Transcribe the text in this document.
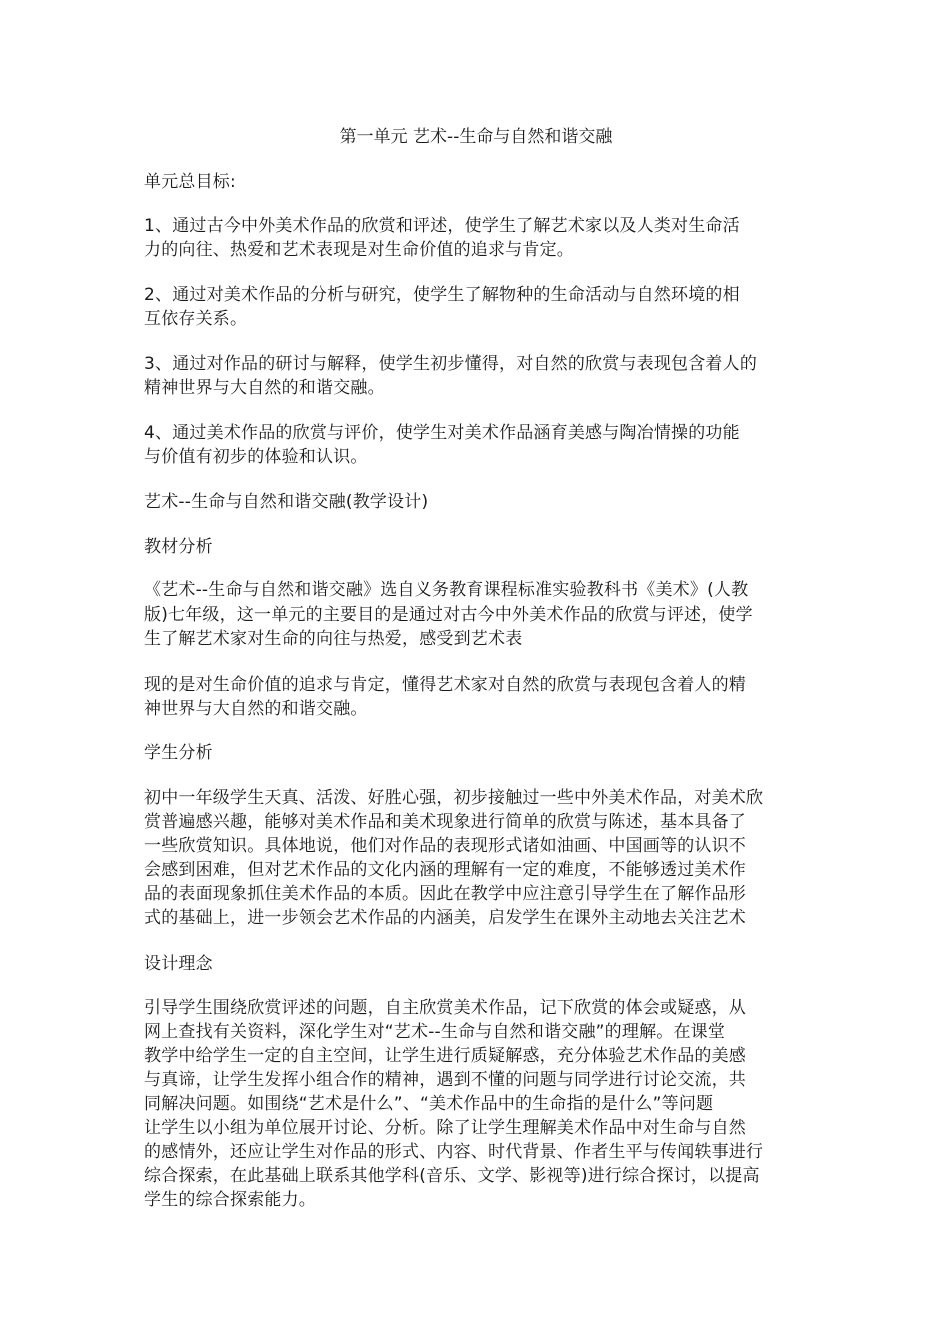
第一单元 艺术--生命与自然和谐交融
单元总目标:
1、通过古今中外美术作品的欣赏和评述，使学生了解艺术家以及人类对生命活
力的向往、热爱和艺术表现是对生命价值的追求与肯定。
2、通过对美术作品的分析与研究，使学生了解物种的生命活动与自然环境的相
互依存关系。
3、通过对作品的研讨与解释，使学生初步懂得，对自然的欣赏与表现包含着人的
精神世界与大自然的和谐交融。
4、通过美术作品的欣赏与评价，使学生对美术作品涵育美感与陶冶情操的功能
与价值有初步的体验和认识。
艺术--生命与自然和谐交融(教学设计)
教材分析
《艺术--生命与自然和谐交融》选自义务教育课程标准实验教科书《美术》(人教
版)七年级，这一单元的主要目的是通过对古今中外美术作品的欣赏与评述，使学
生了解艺术家对生命的向往与热爱，感受到艺术表
现的是对生命价值的追求与肯定，懂得艺术家对自然的欣赏与表现包含着人的精
神世界与大自然的和谐交融。
学生分析
初中一年级学生天真、活泼、好胜心强，初步接触过一些中外美术作品，对美术欣
赏普遍感兴趣，能够对美术作品和美术现象进行简单的欣赏与陈述，基本具备了
一些欣赏知识。具体地说，他们对作品的表现形式诸如油画、中国画等的认识不
会感到困难，但对艺术作品的文化内涵的理解有一定的难度，不能够透过美术作
品的表面现象抓住美术作品的本质。因此在教学中应注意引导学生在了解作品形
式的基础上，进一步领会艺术作品的内涵美，启发学生在课外主动地去关注艺术
设计理念
引导学生围绕欣赏评述的问题，自主欣赏美术作品，记下欣赏的体会或疑惑，从
网上查找有关资料，深化学生对“艺术--生命与自然和谐交融”的理解。在课堂
教学中给学生一定的自主空间，让学生进行质疑解惑，充分体验艺术作品的美感
与真谛，让学生发挥小组合作的精神，遇到不懂的问题与同学进行讨论交流，共
同解决问题。如围绕“艺术是什么”、“美术作品中的生命指的是什么”等问题
让学生以小组为单位展开讨论、分析。除了让学生理解美术作品中对生命与自然
的感情外，还应让学生对作品的形式、内容、时代背景、作者生平与传闻轶事进行
综合探索，在此基础上联系其他学科(音乐、文学、影视等)进行综合探讨，以提高
学生的综合探索能力。
